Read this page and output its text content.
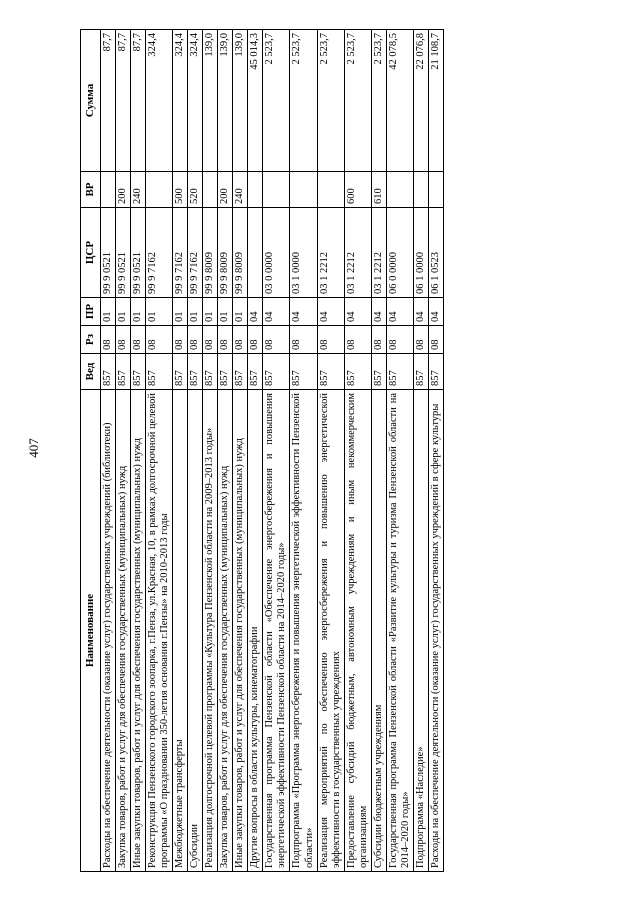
407
Наименование	Вед	Рз	ПР	ЦСР	ВР	Сумма
Расходы на обеспечение деятельности (оказание услуг) государственных учреждений (библиотеки)	857	08	01	99 9 0521		87,7
Закупка товаров, работ и услуг для обеспечения государственных (муниципальных) нужд	857	08	01	99 9 0521	200	87,7
Иные закупки товаров, работ и услуг для обеспечения государственных (муниципальных) нужд	857	08	01	99 9 0521	240	87,7
Реконструкция Пензенского городского зоопарка, г.Пенза, ул.Красная, 10, в рамках долгосрочной целевой программы «О праздновании 350-летия основания г.Пензы» на 2010-2013 годы	857	08	01	99 9 7162		324,4
Межбюджетные трансферты	857	08	01	99 9 7162	500	324,4
Субсидии	857	08	01	99 9 7162	520	324,4
Реализация долгосрочной целевой программы «Культура Пензенской области на 2009–2013 годы»	857	08	01	99 9 8009		139,0
Закупка товаров, работ и услуг для обеспечения государственных (муниципальных) нужд	857	08	01	99 9 8009	200	139,0
Иные закупки товаров, работ и услуг для обеспечения государственных (муниципальных) нужд	857	08	01	99 9 8009	240	139,0
Другие вопросы в области культуры, кинематографии	857	08	04			45 014,3
Государственная программа Пензенской области «Обеспечение энергосбережения и повышения энергетической эффективности Пензенской области на 2014–2020 годы»	857	08	04	03 0 0000		2 523,7
Подпрограмма «Программа энергосбережения и повышения энергетической эффективности Пензенской области»	857	08	04	03 1 0000		2 523,7
Реализация мероприятий по обеспечению энергосбережения и повышению энергетической эффективности в государственных учреждениях	857	08	04	03 1 2212		2 523,7
Предоставление субсидий бюджетным, автономным учреждениям и иным некоммерческим организациям	857	08	04	03 1 2212	600	2 523,7
Субсидии бюджетным учреждениям	857	08	04	03 1 2212	610	2 523,7
Государственная программа Пензенской области «Развитие культуры и туризма Пензенской области на 2014–2020 годы»	857	08	04	06 0 0000		42 078,5
Подпрограмма «Наследие»	857	08	04	06 1 0000		22 076,8
Расходы на обеспечение деятельности (оказание услуг) государственных учреждений в сфере культуры	857	08	04	06 1 0523		21 108,7
